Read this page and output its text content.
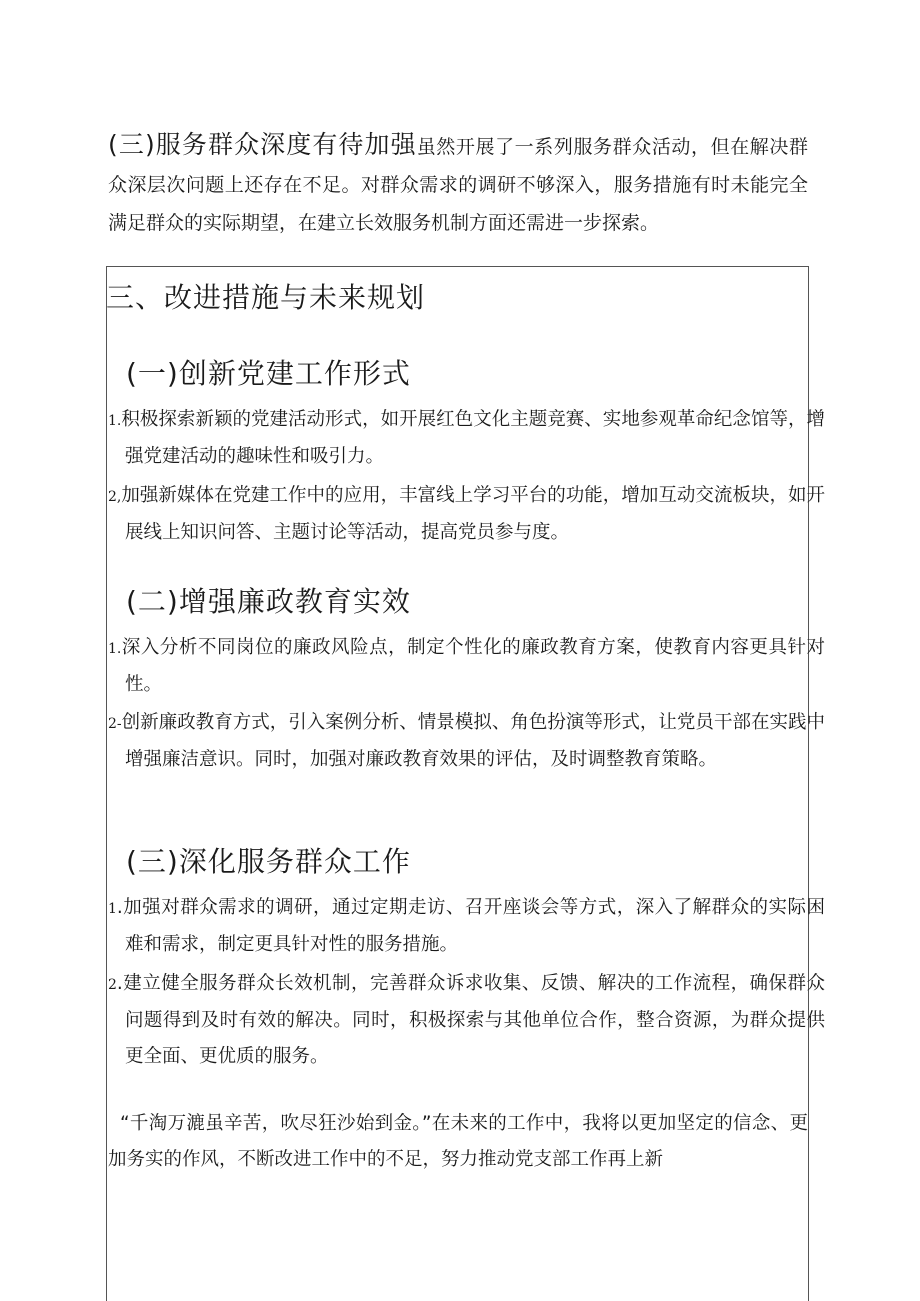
(三)服务群众深度有待加强虽然开展了一系列服务群众活动，但在解决群众深层次问题上还存在不足。对群众需求的调研不够深入，服务措施有时未能完全满足群众的实际期望，在建立长效服务机制方面还需进一步探索。

三、改进措施与未来规划
(一)创新党建工作形式

1.积极探索新颖的党建活动形式，如开展红色文化主题竞赛、实地参观革命纪念馆等，增强党建活动的趣味性和吸引力。

2,加强新媒体在党建工作中的应用，丰富线上学习平台的功能，增加互动交流板块，如开展线上知识问答、主题讨论等活动，提高党员参与度。

(二)增强廉政教育实效

1.深入分析不同岗位的廉政风险点，制定个性化的廉政教育方案，使教育内容更具针对性。

2-创新廉政教育方式，引入案例分析、情景模拟、角色扮演等形式，让党员干部在实践中增强廉洁意识。同时，加强对廉政教育效果的评估，及时调整教育策略。

(三)深化服务群众工作

1.加强对群众需求的调研，通过定期走访、召开座谈会等方式，深入了解群众的实际困难和需求，制定更具针对性的服务措施。

2.建立健全服务群众长效机制，完善群众诉求收集、反馈、解决的工作流程，确保群众问题得到及时有效的解决。同时，积极探索与其他单位合作，整合资源，为群众提供更全面、更优质的服务。

“千淘万漉虽辛苦，吹尽狂沙始到金。”在未来的工作中，我将以更加坚定的信念、更加务实的作风，不断改进工作中的不足，努力推动党支部工作再上新
